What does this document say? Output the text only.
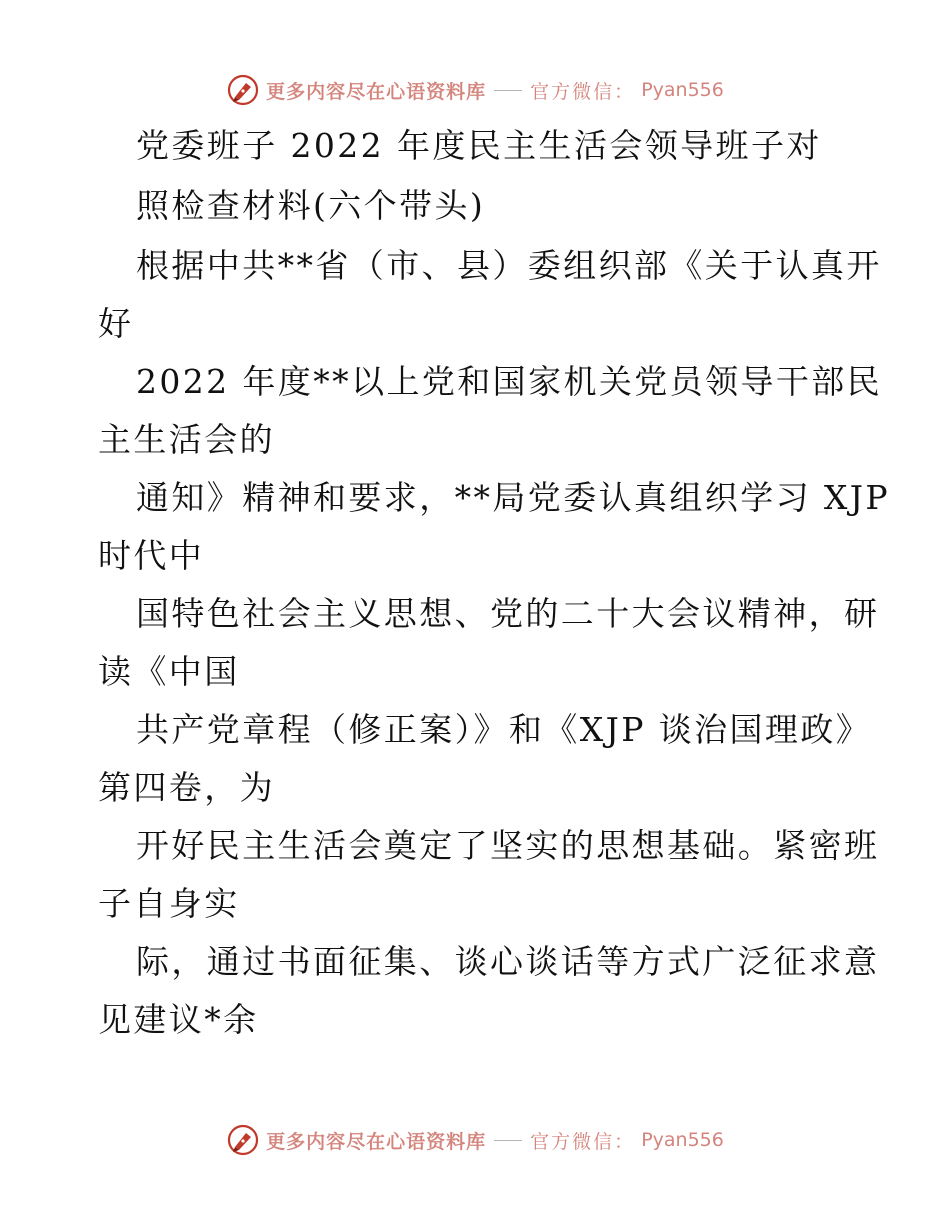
更多内容尽在心语资料库 官方微信： Pyan556
党委班子 2022 年度民主生活会领导班子对
照检查材料(六个带头)
根据中共**省（市、县）委组织部《关于认真开
好
2022 年度**以上党和国家机关党员领导干部民
主生活会的
通知》精神和要求，**局党委认真组织学习 XJP
时代中
国特色社会主义思想、党的二十大会议精神，研
读《中国
共产党章程（修正案）》和《XJP 谈治国理政》
第四卷，为
开好民主生活会奠定了坚实的思想基础。紧密班
子自身实
际，通过书面征集、谈心谈话等方式广泛征求意
见建议*余
更多内容尽在心语资料库 官方微信： Pyan556
